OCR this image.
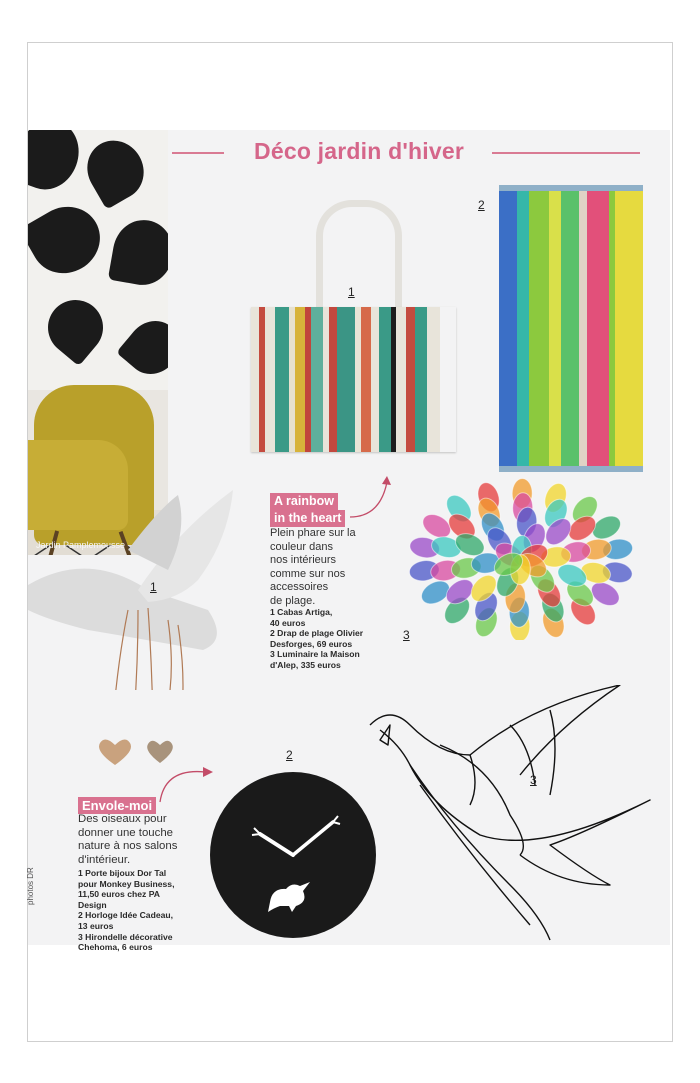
Jardin Pamplemousse
Déco jardin d'hiver
1
2
3
A rainbow
in the heart
Plein phare sur la
couleur dans
nos intérieurs
comme sur nos
accessoires
de plage.
1 Cabas Artiga,
40 euros
2 Drap de plage Olivier
Desforges, 69 euros
3 Luminaire la Maison
d'Alep, 335 euros
1
Envole-moi
Des oiseaux pour
donner une touche
nature à nos salons
d'intérieur.
1 Porte bijoux Dor Tal
pour Monkey Business,
11,50 euros chez PA
Design
2 Horloge Idée Cadeau,
13 euros
3 Hirondelle décorative
Chehoma, 6 euros
2
3
photos DR
